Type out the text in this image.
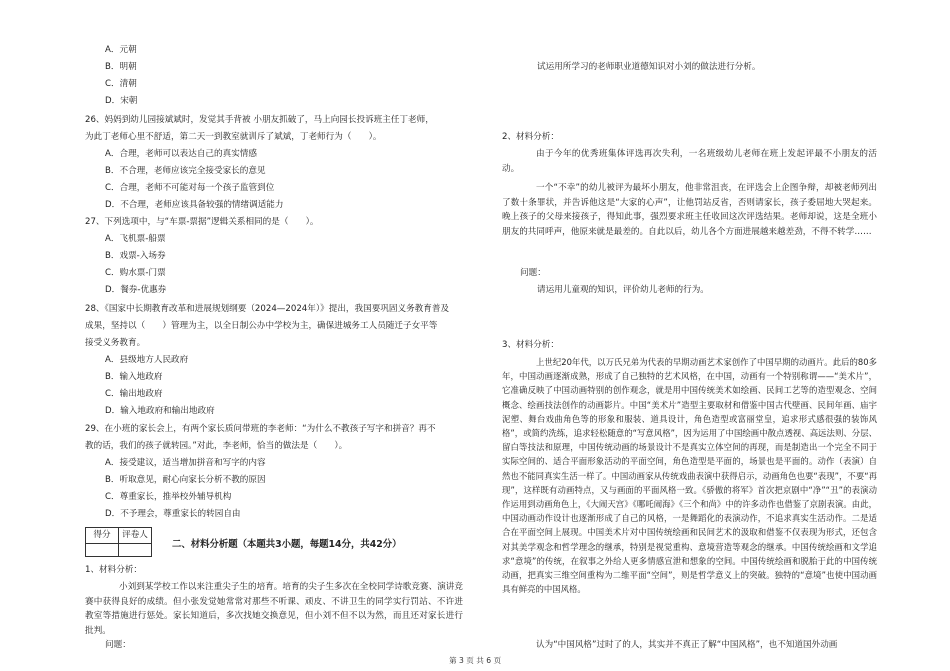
A．元朝
B．明朝
C．清朝
D．宋朝
26、妈妈到幼儿园接斌斌时，发觉其手背被 小朋友抓破了，马上向园长投诉班主任丁老师，
为此丁老师心里不舒适，第二天一到教室就训斥了斌斌，丁老师行为（　　）。
A．合理，老师可以表达自己的真实情感
B．不合理，老师应该完全接受家长的意见
C．合理，老师不可能对每一个孩子监管到位
D．不合理，老师应该具备较强的情绪调适能力
27、下列选项中，与“车票-票据”逻辑关系相同的是（　　）。
A．飞机票-船票
B．戏票-入场券
C．购水票-门票
D．餐券-优惠券
28、《国家中长期教育改革和进展规划纲要（2024—2024年）》提出，我国要巩固义务教育普及
成果，坚持以（　　）管理为主，以全日制公办中学校为主，确保进城务工人员随迁子女平等
接受义务教育。
A．县级地方人民政府
B．输入地政府
C．输出地政府
D．输入地政府和输出地政府
29、在小班的家长会上，有两个家长质问带班的李老师：“为什么不教孩子写字和拼音？再不
教的话，我们的孩子就转园。”对此，李老师，恰当的做法是（　　）。
A．接受建议，适当增加拼音和写字的内容
B．听取意见，耐心向家长分析不教的原因
C．尊重家长，推举校外辅导机构
D．不予理会，尊重家长的转园自由
得分	评卷人

二、材料分析题（本题共3小题，每题14分，共42分）
1、材料分析：
小刘到某学校工作以来注重尖子生的培育。培育的尖子生多次在全校同学诗歌竞赛、演讲竞赛中获得良好的成绩。但小张发觉她常常对那些不听课、顽皮、不讲卫生的同学实行罚站、不许进教室等措施进行惩处。家长知道后，多次找她交换意见，但小刘不但不以为然，而且还对家长进行批判。
问题：
试运用所学习的老师职业道德知识对小刘的做法进行分析。
2、材料分析：
由于今年的优秀班集体评选再次失利，一名班级幼儿老师在班上发起评最不小朋友的活动。
一个“不幸”的幼儿被评为最坏小朋友，他非常沮丧，在评选会上企图争辩，却被老师列出了数十条罪状，并告诉他这是“大家的心声”，让他罚站反省，否则请家长，孩子委屈地大哭起来。晚上孩子的父母来接孩子，得知此事，强烈要求班主任收回这次评选结果。老师却说，这是全班小朋友的共同呼声，他原来就是最差的。自此以后，幼儿各个方面进展越来越差劲，不得不转学……
问题：
请运用儿童观的知识，评价幼儿老师的行为。
3、材料分析：
上世纪20年代，以万氏兄弟为代表的早期动画艺术家创作了中国早期的动画片。此后的80多年，中国动画逐渐成熟，形成了自己独特的艺术风格，在中国，动画有一个特别称谓——“美术片”，它准确反映了中国动画特别的创作观念，就是用中国传统美术如绘画、民间工艺等的造型观念、空间概念、绘画技法创作的动画影片。中国“美术片”造型主要取材和借鉴中国古代壁画、民间年画、庙宇泥塑、舞台戏曲角色等的形象和服装、道具设计，角色造型或富丽堂皇，追求形式感很强的装饰风格”，或简约洗练，追求轻松随意的“写意风格”，因为运用了中国绘画中散点透视、高远法则、分层、留白等技法和原理，中国传统动画的场景设计不是真实立体空间的再现，而是制造出一个完全不同于实际空间的、适合平面形象活动的平面空间，角色造型是平面的，场景也是平面的。动作（表演）自然也不能同真实生活一样了。中国动画家从传统戏曲表演中获得启示，动画角色也要“表现”，不要“再现”，这样既有动画特点，又与画面的平面风格一致。《骄傲的将军》首次把京剧中“净”“丑”的表演动作运用到动画角色上，《大闹天宫》《哪吒闹海》《三个和尚》中的许多动作也借鉴了京剧表演。由此，中国动画动作设计也逐渐形成了自己的风格，一是舞蹈化的表演动作，不追求真实生活动作。二是适合在平面空间上展现。中国美术片对中国传统绘画和民间艺术的汲取和借鉴不仅表现为形式，还包含对其美学观念和哲学理念的继承，特别是视觉重构、意境营造等观念的继承。中国传统绘画和文学追求“意境”的传统，在叙事之外给人更多情感宣泄和想象的空间。中国传统绘画和脱胎于此的中国传统动画，把真实三维空间重构为二维平面“空间”，则是哲学意义上的突破。独特的“意境”也使中国动画具有鲜亮的中国风格。
认为“中国风格”过时了的人，其实并不真正了解“中国风格”，也不知道国外动画
第 3 页 共 6 页
